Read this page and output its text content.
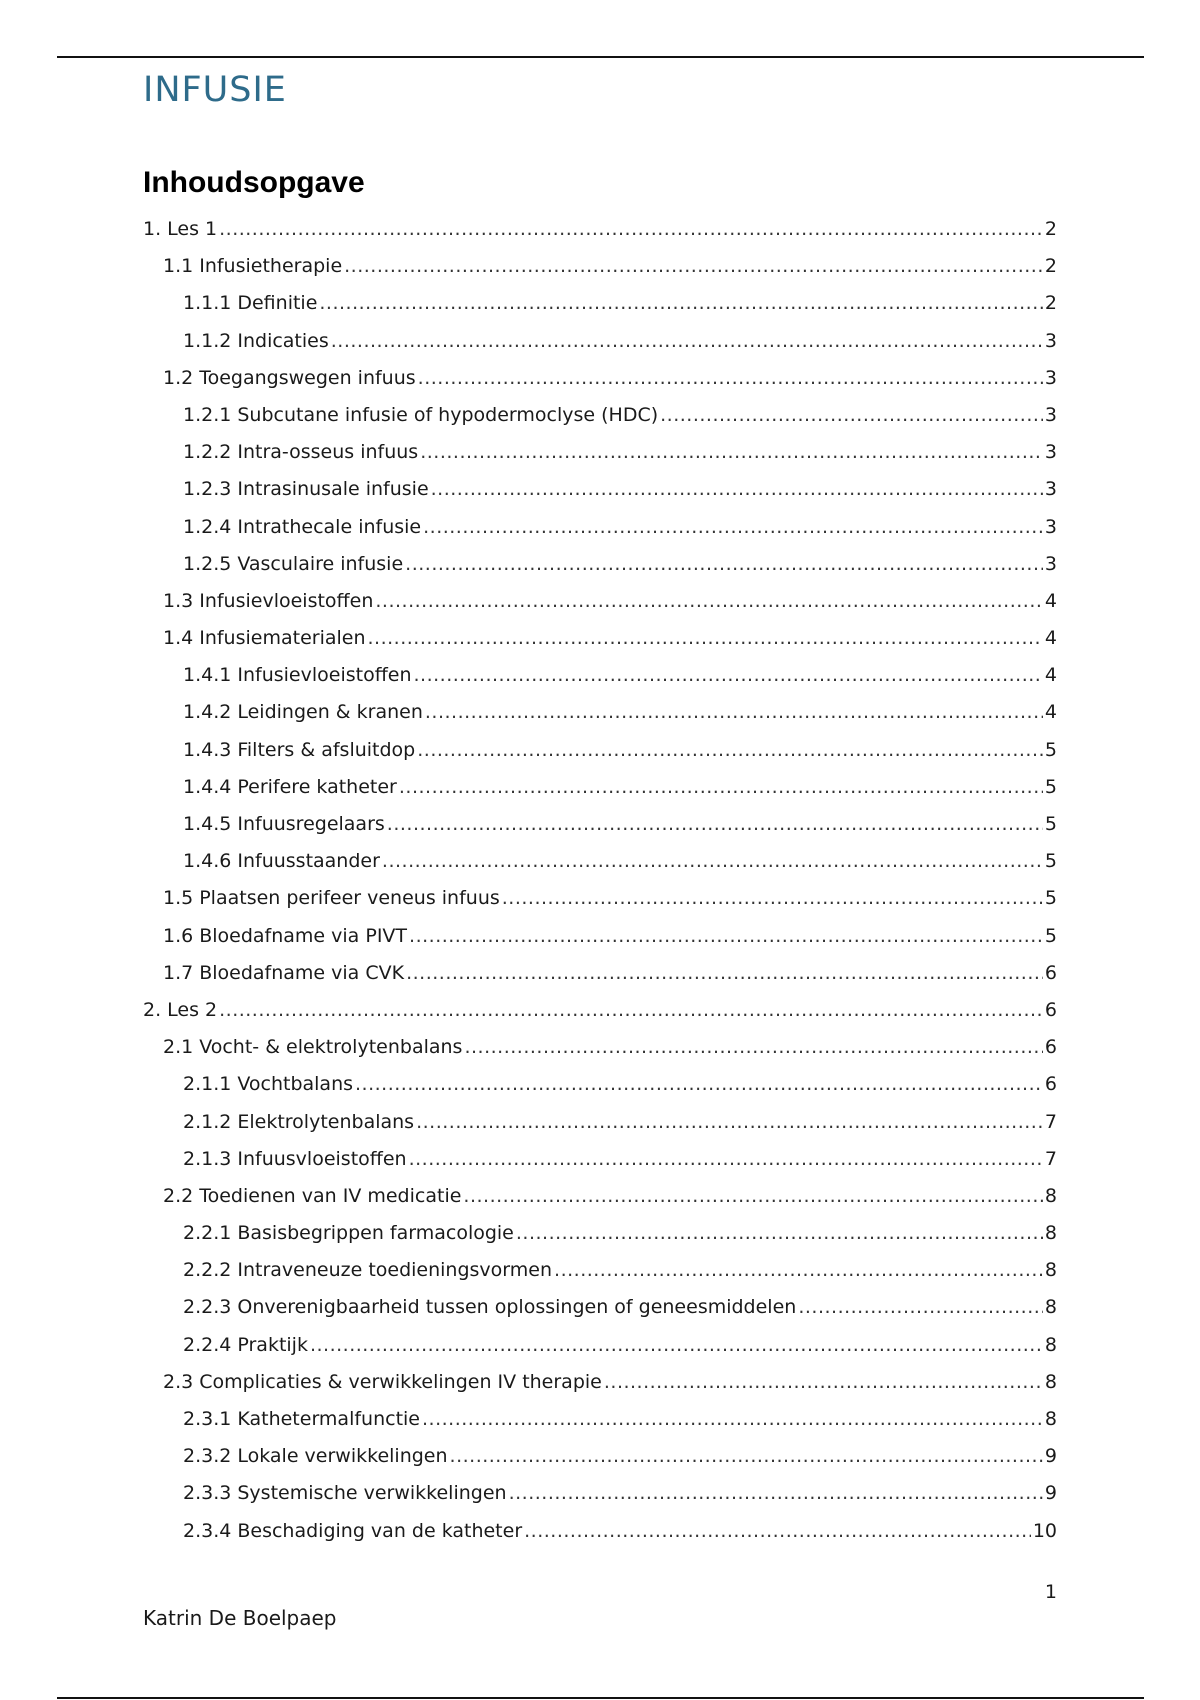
INFUSIE
Inhoudsopgave
1. Les 1 .....	2
1.1 Infusietherapie .....	2
1.1.1 Definitie .....	2
1.1.2 Indicaties .....	3
1.2 Toegangswegen infuus .....	3
1.2.1 Subcutane infusie of hypodermoclyse (HDC) .....	3
1.2.2 Intra-osseus infuus .....	3
1.2.3 Intrasinusale infusie .....	3
1.2.4 Intrathecale infusie .....	3
1.2.5 Vasculaire infusie .....	3
1.3 Infusievloeistoffen .....	4
1.4 Infusiematerialen .....	4
1.4.1 Infusievloeistoffen .....	4
1.4.2 Leidingen & kranen .....	4
1.4.3 Filters & afsluitdop .....	5
1.4.4 Perifere katheter .....	5
1.4.5 Infuusregelaars .....	5
1.4.6 Infuusstaander .....	5
1.5 Plaatsen perifeer veneus infuus .....	5
1.6 Bloedafname via PIVT .....	5
1.7 Bloedafname via CVK .....	6
2. Les 2 .....	6
2.1 Vocht- & elektrolytenbalans .....	6
2.1.1 Vochtbalans .....	6
2.1.2 Elektrolytenbalans .....	7
2.1.3 Infuusvloeistoffen .....	7
2.2 Toedienen van IV medicatie .....	8
2.2.1 Basisbegrippen farmacologie .....	8
2.2.2 Intraveneuze toedieningsvormen .....	8
2.2.3 Onverenigbaarheid tussen oplossingen of geneesmiddelen .....	8
2.2.4 Praktijk .....	8
2.3 Complicaties & verwikkelingen IV therapie .....	8
2.3.1 Kathetermalfunctie .....	8
2.3.2 Lokale verwikkelingen .....	9
2.3.3 Systemische verwikkelingen .....	9
2.3.4 Beschadiging van de katheter .....	10
1
Katrin De Boelpaep
